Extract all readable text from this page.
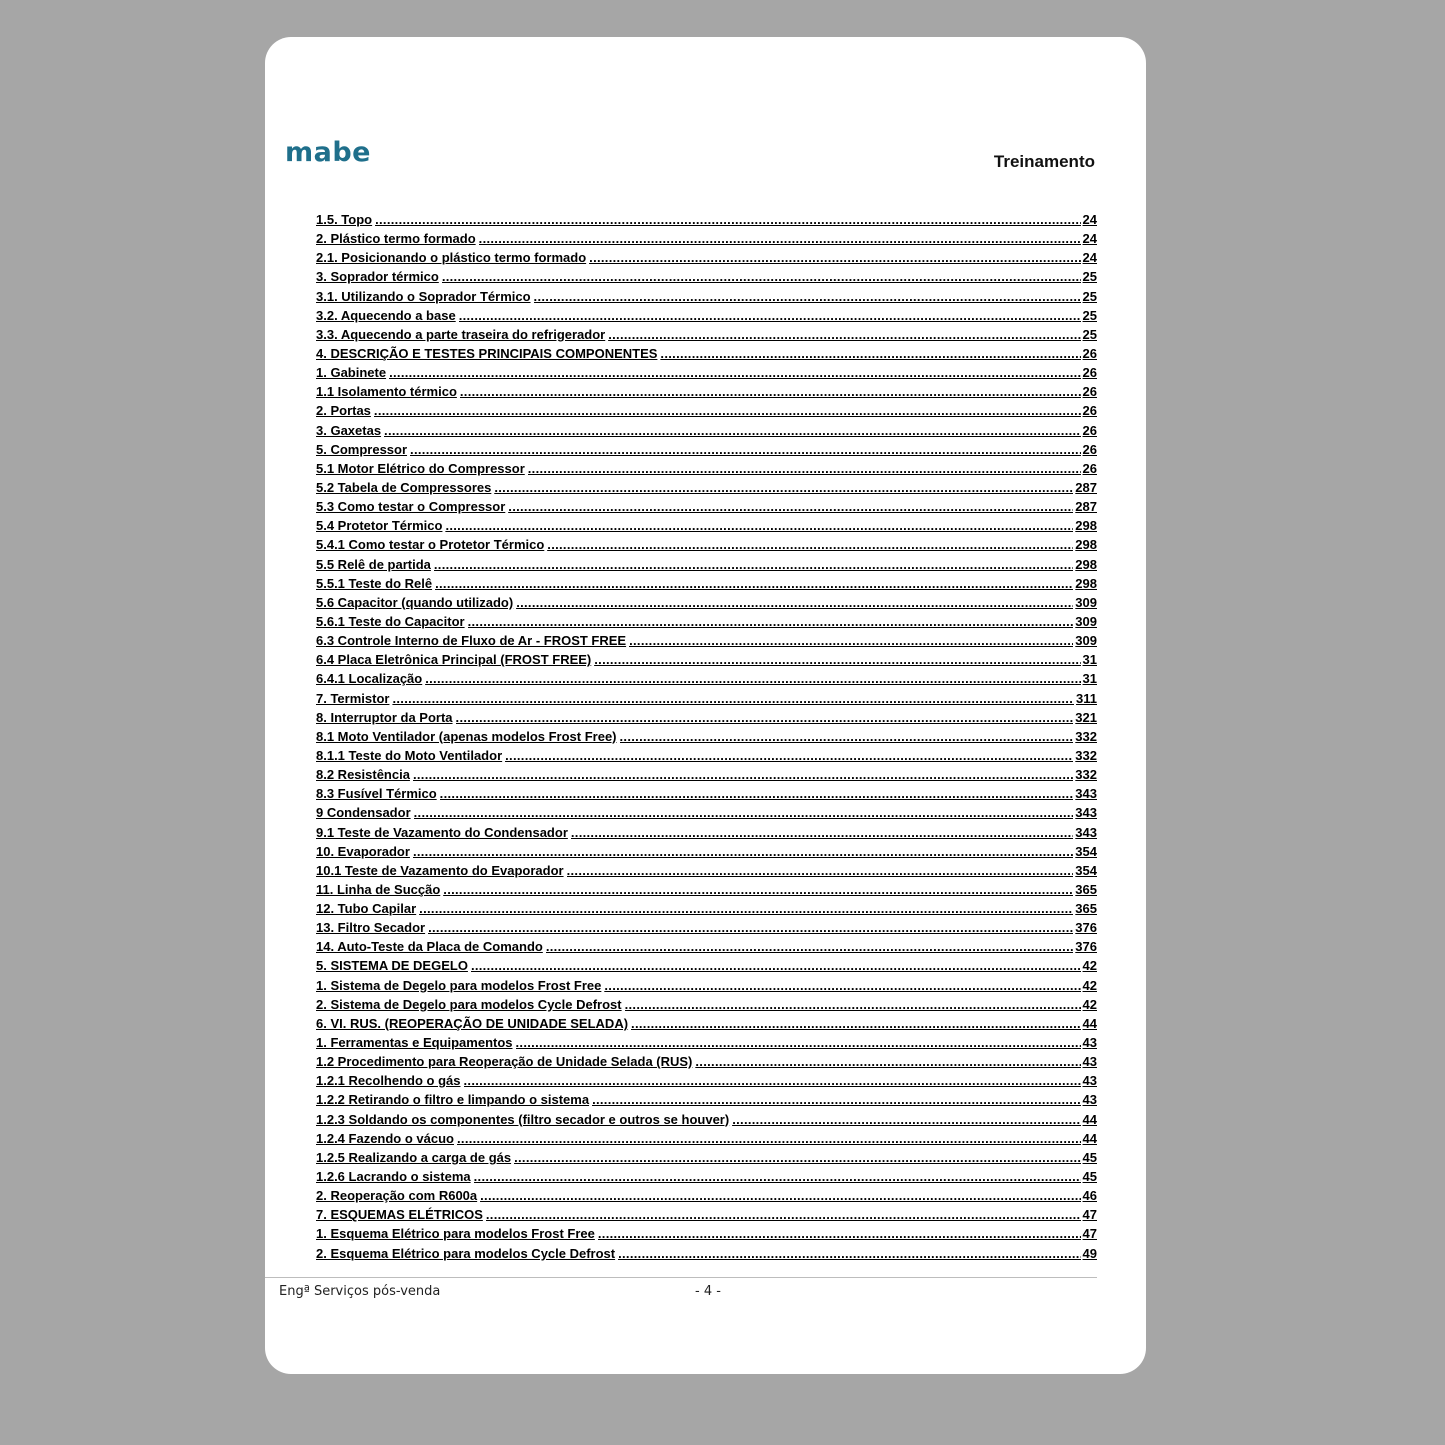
mabe	Treinamento
1.5. Topo .....	24
2. Plástico termo formado .....	24
2.1. Posicionando o plástico termo formado .....	24
3. Soprador térmico .....	25
3.1. Utilizando o Soprador Térmico .....	25
3.2. Aquecendo a base .....	25
3.3. Aquecendo a parte traseira do refrigerador .....	25
4. DESCRIÇÃO E TESTES PRINCIPAIS COMPONENTES .....	26
1. Gabinete .....	26
1.1 Isolamento térmico .....	26
2. Portas .....	26
3. Gaxetas .....	26
5. Compressor .....	26
5.1 Motor Elétrico do Compressor .....	26
5.2 Tabela de Compressores .....	287
5.3 Como testar o Compressor .....	287
5.4 Protetor Térmico .....	298
5.4.1 Como testar o Protetor Térmico .....	298
5.5 Relê de partida .....	298
5.5.1 Teste do Relê .....	298
5.6 Capacitor (quando utilizado) .....	309
5.6.1 Teste do Capacitor .....	309
6.3 Controle Interno de Fluxo de Ar - FROST FREE .....	309
6.4 Placa Eletrônica Principal (FROST FREE) .....	31
6.4.1 Localização .....	31
7. Termistor .....	311
8. Interruptor da Porta .....	321
8.1 Moto Ventilador (apenas modelos Frost Free) .....	332
8.1.1 Teste do Moto Ventilador .....	332
8.2 Resistência .....	332
8.3 Fusível Térmico .....	343
9 Condensador .....	343
9.1 Teste de Vazamento do Condensador .....	343
10. Evaporador .....	354
10.1 Teste de Vazamento do Evaporador .....	354
11. Linha de Sucção .....	365
12. Tubo Capilar .....	365
13. Filtro Secador .....	376
14. Auto-Teste da Placa de Comando .....	376
5. SISTEMA DE DEGELO .....	42
1. Sistema de Degelo para modelos Frost Free .....	42
2. Sistema de Degelo para modelos Cycle Defrost .....	42
6. VI. RUS. (REOPERAÇÃO DE UNIDADE SELADA) .....	44
1. Ferramentas e Equipamentos .....	43
1.2 Procedimento para Reoperação de Unidade Selada (RUS) .....	43
1.2.1 Recolhendo o gás .....	43
1.2.2 Retirando o filtro e limpando o sistema .....	43
1.2.3 Soldando os componentes (filtro secador e outros se houver) .....	44
1.2.4 Fazendo o vácuo .....	44
1.2.5 Realizando a carga de gás .....	45
1.2.6 Lacrando o sistema .....	45
2. Reoperação com R600a .....	46
7. ESQUEMAS ELÉTRICOS .....	47
1. Esquema Elétrico para modelos Frost Free .....	47
2. Esquema Elétrico para modelos Cycle Defrost .....	49
Engª Serviços pós-venda	- 4 -
